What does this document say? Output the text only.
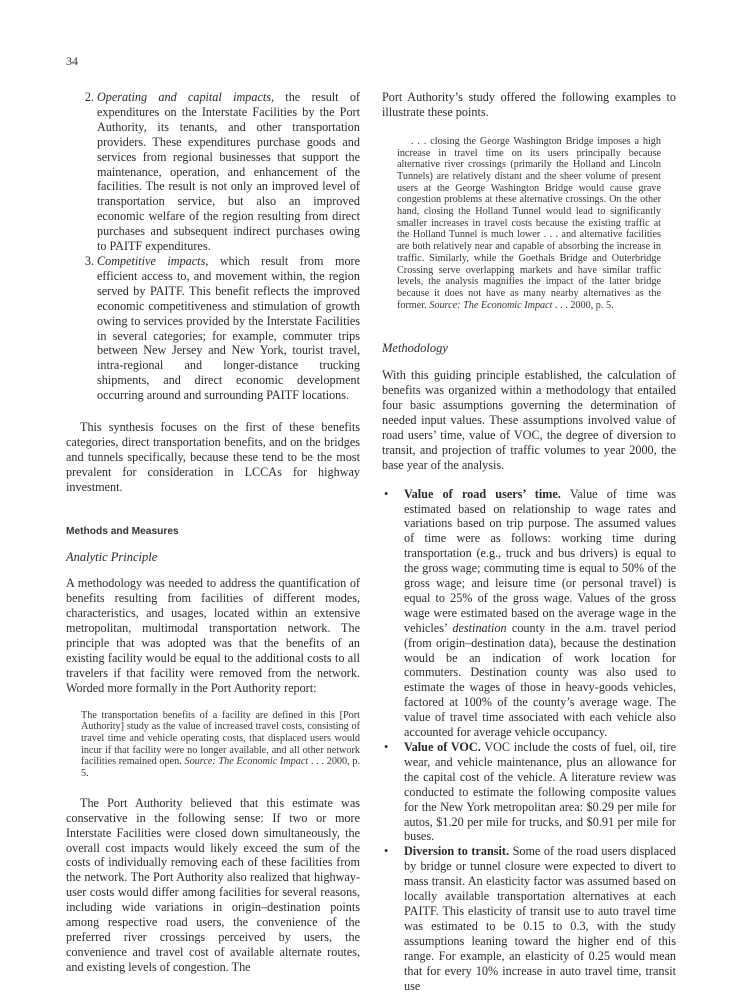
34
2. Operating and capital impacts, the result of expenditures on the Interstate Facilities by the Port Authority, its tenants, and other transportation providers. These expenditures purchase goods and services from regional businesses that support the maintenance, operation, and enhancement of the facilities. The result is not only an improved level of transportation service, but also an improved economic welfare of the region resulting from direct purchases and subsequent indirect purchases owing to PAITF expenditures.
3. Competitive impacts, which result from more efficient access to, and movement within, the region served by PAITF. This benefit reflects the improved economic competitiveness and stimulation of growth owing to services provided by the Interstate Facilities in several categories; for example, commuter trips between New Jersey and New York, tourist travel, intra-regional and longer-distance trucking shipments, and direct economic development occurring around and surrounding PAITF locations.

This synthesis focuses on the first of these benefits categories, direct transportation benefits, and on the bridges and tunnels specifically, because these tend to be the most prevalent for consideration in LCCAs for highway investment.

Methods and Measures

Analytic Principle

A methodology was needed to address the quantification of benefits resulting from facilities of different modes, characteristics, and usages, located within an extensive metropolitan, multimodal transportation network. The principle that was adopted was that the benefits of an existing facility would be equal to the additional costs to all travelers if that facility were removed from the network. Worded more formally in the Port Authority report:

The transportation benefits of a facility are defined in this [Port Authority] study as the value of increased travel costs, consisting of travel time and vehicle operating costs, that displaced users would incur if that facility were no longer available, and all other network facilities remained open. Source: The Economic Impact . . . 2000, p. 5.

The Port Authority believed that this estimate was conservative in the following sense: If two or more Interstate Facilities were closed down simultaneously, the overall cost impacts would likely exceed the sum of the costs of individually removing each of these facilities from the network. The Port Authority also realized that highway-user costs would differ among facilities for several reasons, including wide variations in origin–destination points among respective road users, the convenience of the preferred river crossings perceived by users, the convenience and travel cost of available alternate routes, and existing levels of congestion. The

Port Authority’s study offered the following examples to illustrate these points.

. . . closing the George Washington Bridge imposes a high increase in travel time on its users principally because alternative river crossings (primarily the Holland and Lincoln Tunnels) are relatively distant and the sheer volume of present users at the George Washington Bridge would cause grave congestion problems at these alternative crossings. On the other hand, closing the Holland Tunnel would lead to significantly smaller increases in travel costs because the existing traffic at the Holland Tunnel is much lower . . . and alternative facilities are both relatively near and capable of absorbing the increase in traffic. Similarly, while the Goethals Bridge and Outerbridge Crossing serve overlapping markets and have similar traffic levels, the analysis magnifies the impact of the latter bridge because it does not have as many nearby alternatives as the former. Source: The Economic Impact . . . 2000, p. 5.

Methodology

With this guiding principle established, the calculation of benefits was organized within a methodology that entailed four basic assumptions governing the determination of needed input values. These assumptions involved value of road users’ time, value of VOC, the degree of diversion to transit, and projection of traffic volumes to year 2000, the base year of the analysis.

• Value of road users’ time. Value of time was estimated based on relationship to wage rates and variations based on trip purpose. The assumed values of time were as follows: working time during transportation (e.g., truck and bus drivers) is equal to the gross wage; commuting time is equal to 50% of the gross wage; and leisure time (or personal travel) is equal to 25% of the gross wage. Values of the gross wage were estimated based on the average wage in the vehicles’ destination county in the a.m. travel period (from origin–destination data), because the destination would be an indication of work location for commuters. Destination county was also used to estimate the wages of those in heavy-goods vehicles, factored at 100% of the county’s average wage. The value of travel time associated with each vehicle also accounted for average vehicle occupancy.
• Value of VOC. VOC include the costs of fuel, oil, tire wear, and vehicle maintenance, plus an allowance for the capital cost of the vehicle. A literature review was conducted to estimate the following composite values for the New York metropolitan area: $0.29 per mile for autos, $1.20 per mile for trucks, and $0.91 per mile for buses.
• Diversion to transit. Some of the road users displaced by bridge or tunnel closure were expected to divert to mass transit. An elasticity factor was assumed based on locally available transportation alternatives at each PAITF. This elasticity of transit use to auto travel time was estimated to be 0.15 to 0.3, with the study assumptions leaning toward the higher end of this range. For example, an elasticity of 0.25 would mean that for every 10% increase in auto travel time, transit use
